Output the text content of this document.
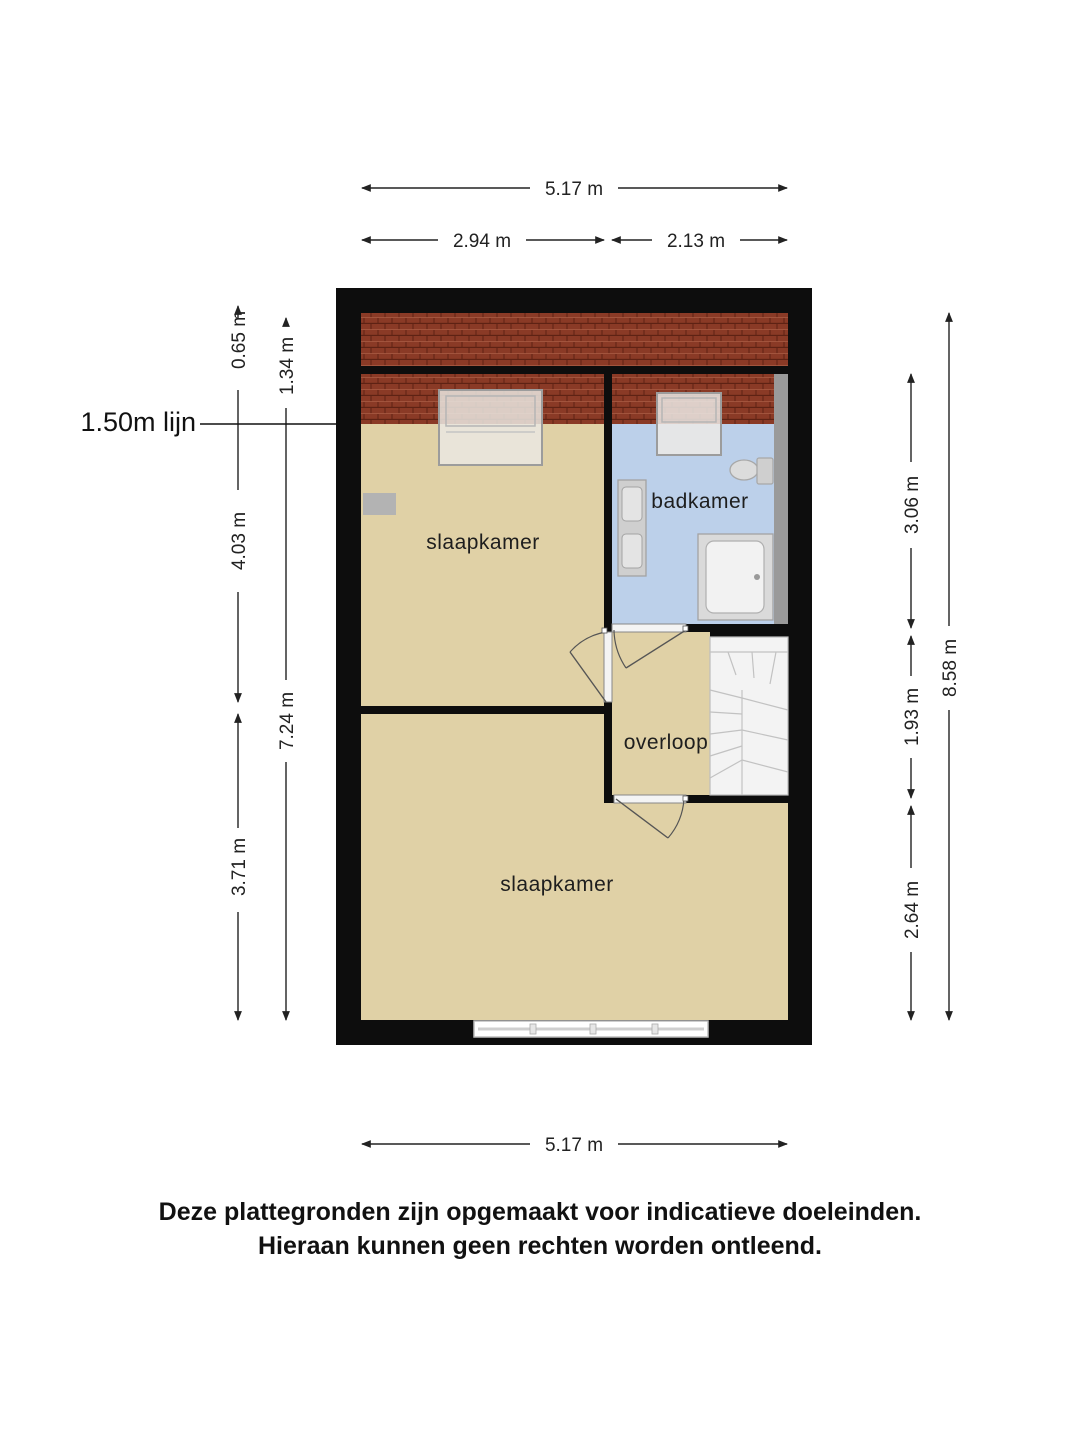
slaapkamer
badkamer
overloop
slaapkamer
5.17 m
2.94 m	2.13 m
5.17 m
0.65 m
4.03 m
3.71 m
1.34 m
7.24 m
1.50m lijn
3.06 m
1.93 m
2.64 m
8.58 m
Deze plattegronden zijn opgemaakt voor indicatieve doeleinden.
Hieraan kunnen geen rechten worden ontleend.
